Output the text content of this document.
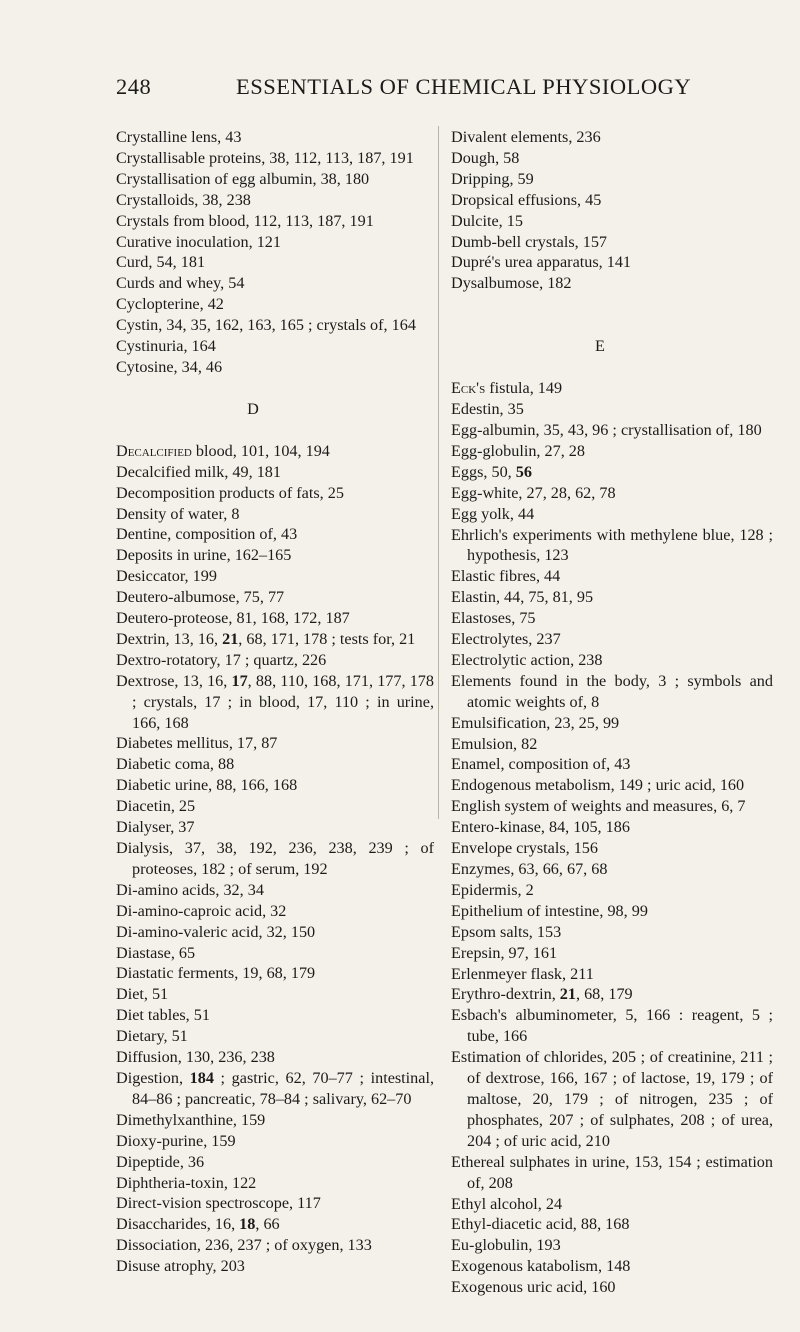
248	ESSENTIALS OF CHEMICAL PHYSIOLOGY
Crystalline lens, 43
Crystallisable proteins, 38, 112, 113, 187, 191
Crystallisation of egg albumin, 38, 180
Crystalloids, 38, 238
Crystals from blood, 112, 113, 187, 191
Curative inoculation, 121
Curd, 54, 181
Curds and whey, 54
Cyclopterine, 42
Cystin, 34, 35, 162, 163, 165 ; crystals of, 164
Cystinuria, 164
Cytosine, 34, 46
D
Decalcified blood, 101, 104, 194
Decalcified milk, 49, 181
Decomposition products of fats, 25
Density of water, 8
Dentine, composition of, 43
Deposits in urine, 162–165
Desiccator, 199
Deutero-albumose, 75, 77
Deutero-proteose, 81, 168, 172, 187
Dextrin, 13, 16, 21, 68, 171, 178 ; tests for, 21
Dextro-rotatory, 17 ; quartz, 226
Dextrose, 13, 16, 17, 88, 110, 168, 171, 177, 178 ; crystals, 17 ; in blood, 17, 110 ; in urine, 166, 168
Diabetes mellitus, 17, 87
Diabetic coma, 88
Diabetic urine, 88, 166, 168
Diacetin, 25
Dialyser, 37
Dialysis, 37, 38, 192, 236, 238, 239 ; of proteoses, 182 ; of serum, 192
Di-amino acids, 32, 34
Di-amino-caproic acid, 32
Di-amino-valeric acid, 32, 150
Diastase, 65
Diastatic ferments, 19, 68, 179
Diet, 51
Diet tables, 51
Dietary, 51
Diffusion, 130, 236, 238
Digestion, 184 ; gastric, 62, 70–77 ; intestinal, 84–86 ; pancreatic, 78–84 ; salivary, 62–70
Dimethylxanthine, 159
Dioxy-purine, 159
Dipeptide, 36
Diphtheria-toxin, 122
Direct-vision spectroscope, 117
Disaccharides, 16, 18, 66
Dissociation, 236, 237 ; of oxygen, 133
Disuse atrophy, 203
Divalent elements, 236
Dough, 58
Dripping, 59
Dropsical effusions, 45
Dulcite, 15
Dumb-bell crystals, 157
Dupré's urea apparatus, 141
Dysalbumose, 182
E
Eck's fistula, 149
Edestin, 35
Egg-albumin, 35, 43, 96 ; crystallisation of, 180
Egg-globulin, 27, 28
Eggs, 50, 56
Egg-white, 27, 28, 62, 78
Egg yolk, 44
Ehrlich's experiments with methylene blue, 128 ; hypothesis, 123
Elastic fibres, 44
Elastin, 44, 75, 81, 95
Elastoses, 75
Electrolytes, 237
Electrolytic action, 238
Elements found in the body, 3 ; symbols and atomic weights of, 8
Emulsification, 23, 25, 99
Emulsion, 82
Enamel, composition of, 43
Endogenous metabolism, 149 ; uric acid, 160
English system of weights and measures, 6, 7
Entero-kinase, 84, 105, 186
Envelope crystals, 156
Enzymes, 63, 66, 67, 68
Epidermis, 2
Epithelium of intestine, 98, 99
Epsom salts, 153
Erepsin, 97, 161
Erlenmeyer flask, 211
Erythro-dextrin, 21, 68, 179
Esbach's albuminometer, 5, 166 : reagent, 5 ; tube, 166
Estimation of chlorides, 205 ; of creatinine, 211 ; of dextrose, 166, 167 ; of lactose, 19, 179 ; of maltose, 20, 179 ; of nitrogen, 235 ; of phosphates, 207 ; of sulphates, 208 ; of urea, 204 ; of uric acid, 210
Ethereal sulphates in urine, 153, 154 ; estimation of, 208
Ethyl alcohol, 24
Ethyl-diacetic acid, 88, 168
Eu-globulin, 193
Exogenous katabolism, 148
Exogenous uric acid, 160
